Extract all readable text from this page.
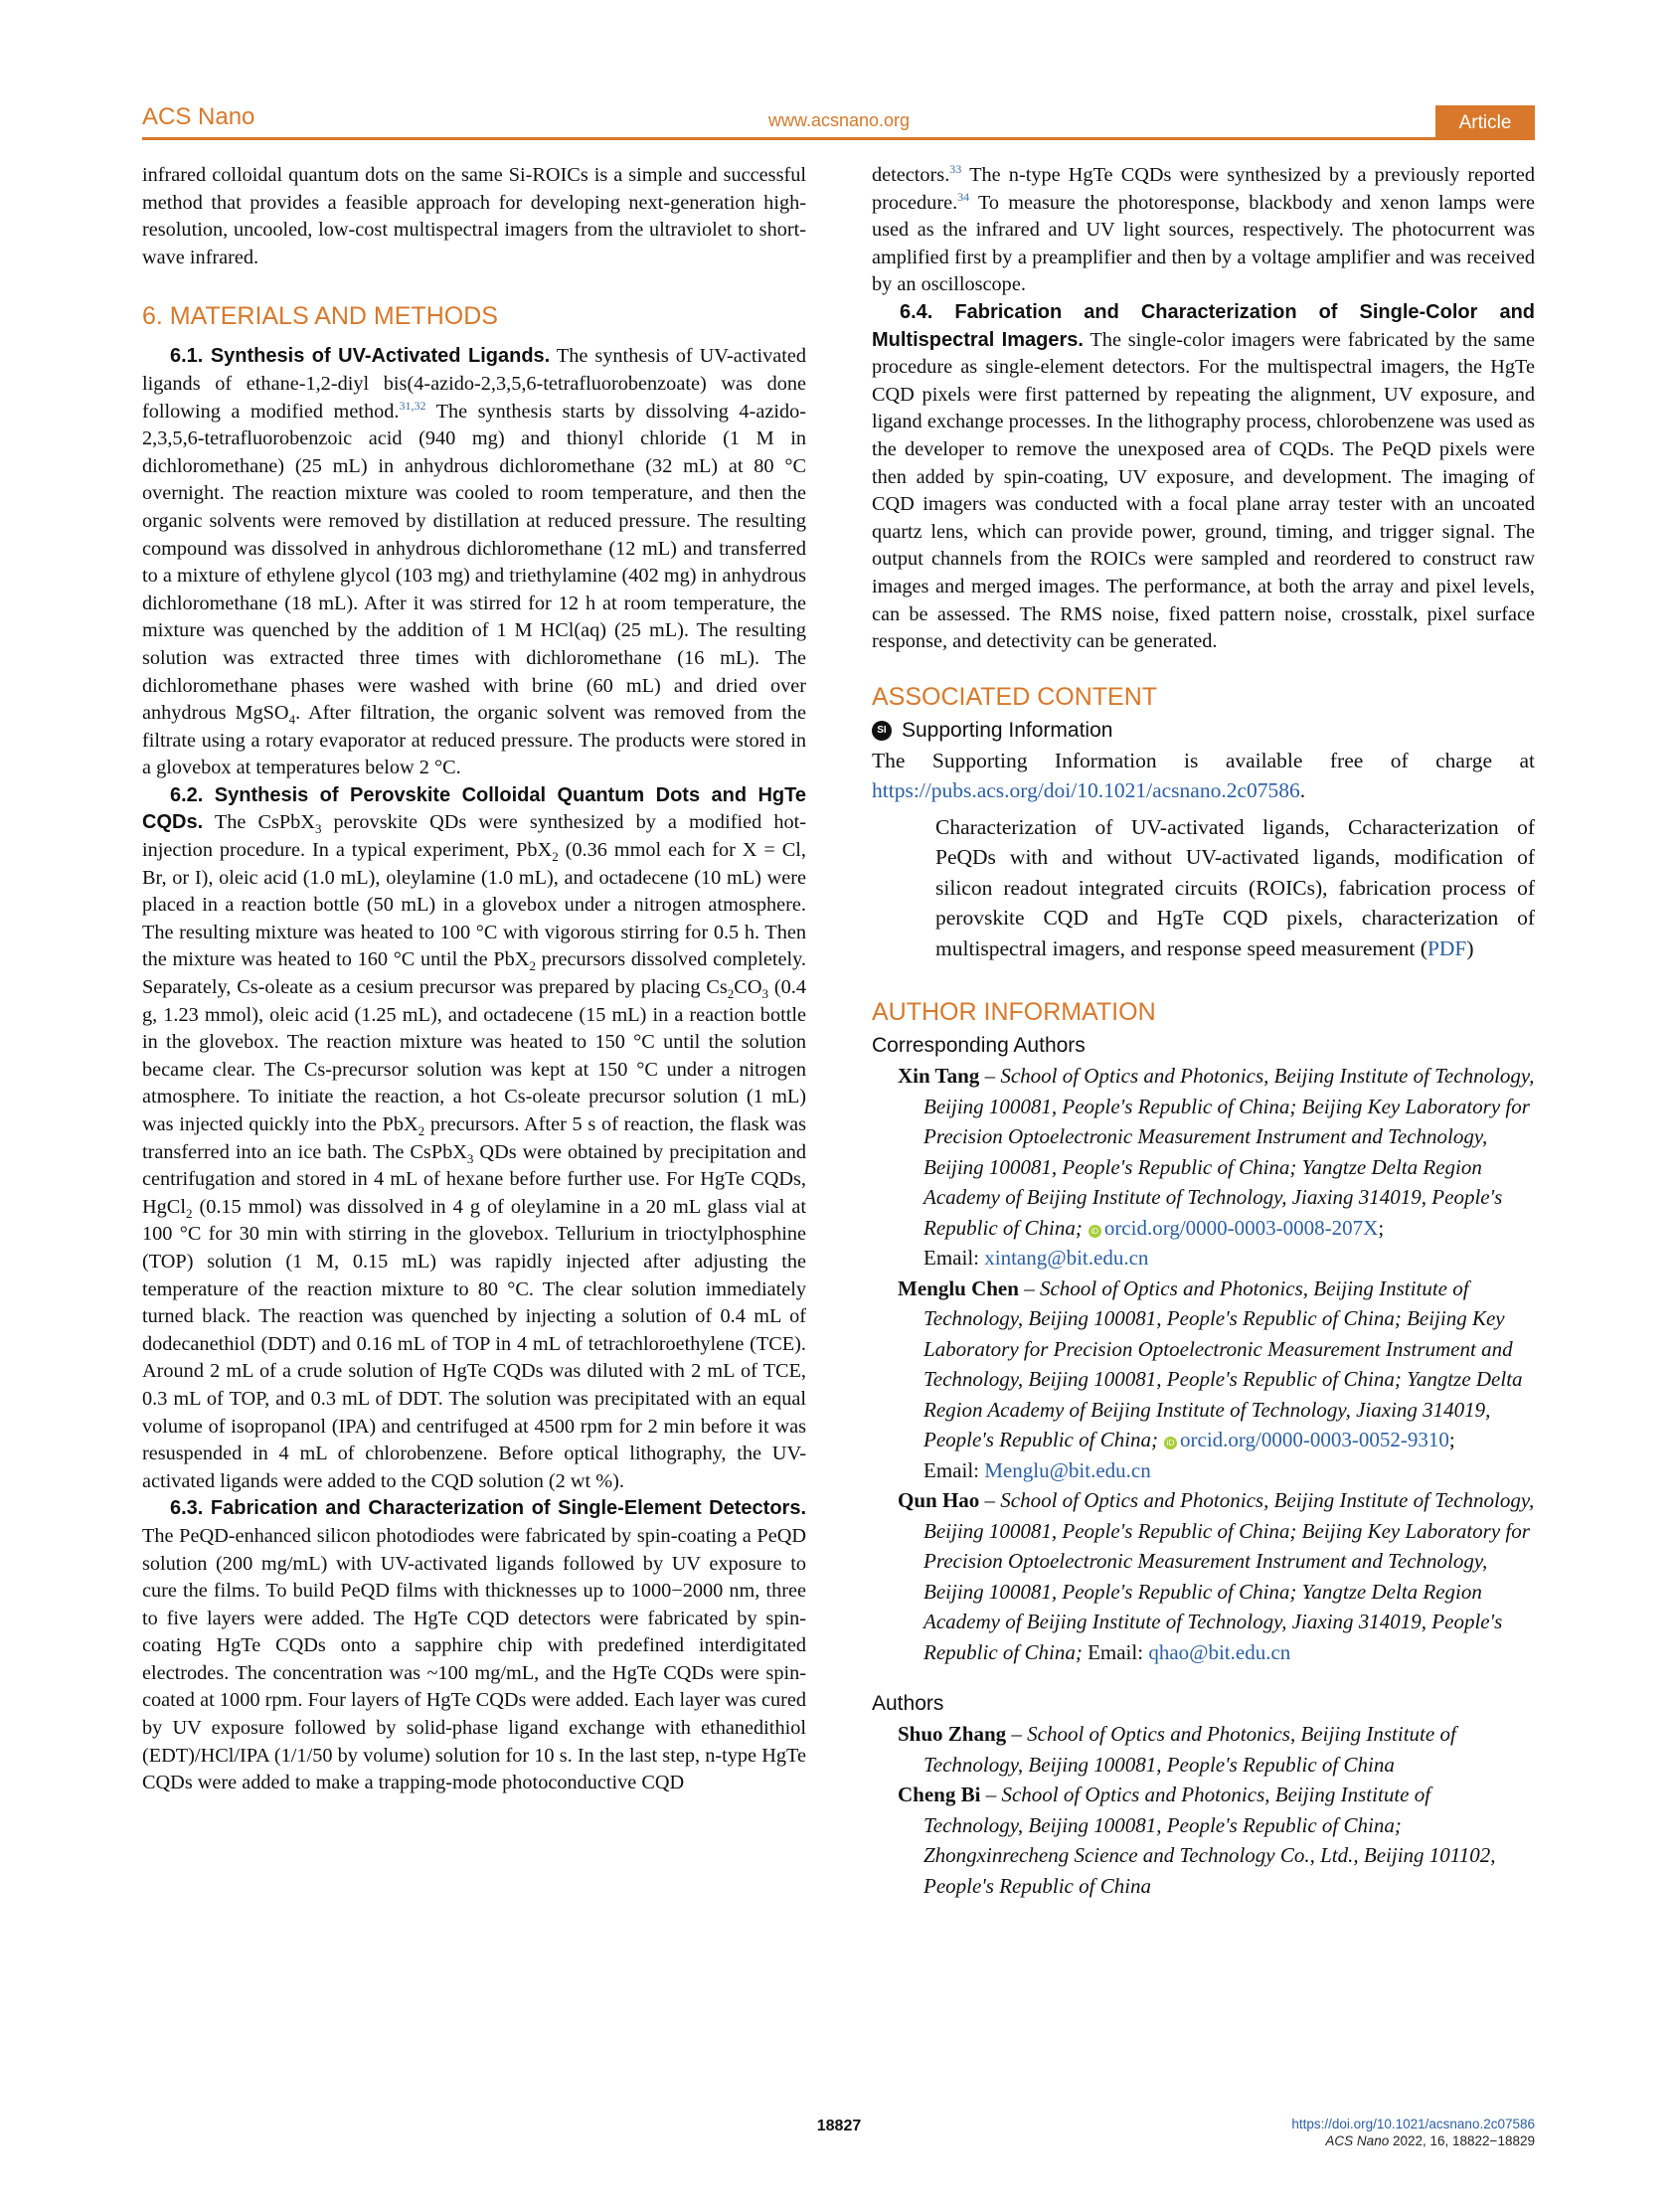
ACS Nano	www.acsnano.org	Article

infrared colloidal quantum dots on the same Si-ROICs is a simple and successful method that provides a feasible approach for developing next-generation high-resolution, uncooled, low-cost multispectral imagers from the ultraviolet to short-wave infrared.

6. MATERIALS AND METHODS

6.1. Synthesis of UV-Activated Ligands. The synthesis of UV-activated ligands of ethane-1,2-diyl bis(4-azido-2,3,5,6-tetrafluorobenzoate) was done following a modified method.$^{31,32}$ The synthesis starts by dissolving 4-azido-2,3,5,6-tetrafluorobenzoic acid (940 mg) and thionyl chloride (1 M in dichloromethane) (25 mL) in anhydrous dichloromethane (32 mL) at 80 °C overnight. The reaction mixture was cooled to room temperature, and then the organic solvents were removed by distillation at reduced pressure. The resulting compound was dissolved in anhydrous dichloromethane (12 mL) and transferred to a mixture of ethylene glycol (103 mg) and triethylamine (402 mg) in anhydrous dichloromethane (18 mL). After it was stirred for 12 h at room temperature, the mixture was quenched by the addition of 1 M HCl(aq) (25 mL). The resulting solution was extracted three times with dichloromethane (16 mL). The dichloromethane phases were washed with brine (60 mL) and dried over anhydrous MgSO$_4$. After filtration, the organic solvent was removed from the filtrate using a rotary evaporator at reduced pressure. The products were stored in a glovebox at temperatures below 2 °C.

6.2. Synthesis of Perovskite Colloidal Quantum Dots and HgTe CQDs. The CsPbX$_3$ perovskite QDs were synthesized by a modified hot-injection procedure. In a typical experiment, PbX$_2$ (0.36 mmol each for X = Cl, Br, or I), oleic acid (1.0 mL), oleylamine (1.0 mL), and octadecene (10 mL) were placed in a reaction bottle (50 mL) in a glovebox under a nitrogen atmosphere. The resulting mixture was heated to 100 °C with vigorous stirring for 0.5 h. Then the mixture was heated to 160 °C until the PbX$_2$ precursors dissolved completely. Separately, Cs-oleate as a cesium precursor was prepared by placing $Cs_2CO_3$ (0.4 g, 1.23 mmol), oleic acid (1.25 mL), and octadecene (15 mL) in a reaction bottle in the glovebox. The reaction mixture was heated to 150 °C until the solution became clear. The Cs-precursor solution was kept at 150 °C under a nitrogen atmosphere. To initiate the reaction, a hot Cs-oleate precursor solution (1 mL) was injected quickly into the PbX$_2$ precursors. After 5 s of reaction, the flask was transferred into an ice bath. The CsPbX$_3$ QDs were obtained by precipitation and centrifugation and stored in 4 mL of hexane before further use. For HgTe CQDs, HgCl$_2$ (0.15 mmol) was dissolved in 4 g of oleylamine in a 20 mL glass vial at 100 °C for 30 min with stirring in the glovebox. Tellurium in trioctylphosphine (TOP) solution (1 M, 0.15 mL) was rapidly injected after adjusting the temperature of the reaction mixture to 80 °C. The clear solution immediately turned black. The reaction was quenched by injecting a solution of 0.4 mL of dodecanethiol (DDT) and 0.16 mL of TOP in 4 mL of tetrachloroethylene (TCE). Around 2 mL of a crude solution of HgTe CQDs was diluted with 2 mL of TCE, 0.3 mL of TOP, and 0.3 mL of DDT. The solution was precipitated with an equal volume of isopropanol (IPA) and centrifuged at 4500 rpm for 2 min before it was resuspended in 4 mL of chlorobenzene. Before optical lithography, the UV-activated ligands were added to the CQD solution (2 wt %).

6.3. Fabrication and Characterization of Single-Element Detectors. The PeQD-enhanced silicon photodiodes were fabricated by spin-coating a PeQD solution (200 mg/mL) with UV-activated ligands followed by UV exposure to cure the films. To build PeQD films with thicknesses up to 1000−2000 nm, three to five layers were added. The HgTe CQD detectors were fabricated by spin-coating HgTe CQDs onto a sapphire chip with predefined interdigitated electrodes. The concentration was ~100 mg/mL, and the HgTe CQDs were spin-coated at 1000 rpm. Four layers of HgTe CQDs were added. Each layer was cured by UV exposure followed by solid-phase ligand exchange with ethanedithiol (EDT)/HCl/IPA (1/1/50 by volume) solution for 10 s. In the last step, n-type HgTe CQDs were added to make a trapping-mode photoconductive CQD

detectors.$^{33}$ The n-type HgTe CQDs were synthesized by a previously reported procedure.$^{34}$ To measure the photoresponse, blackbody and xenon lamps were used as the infrared and UV light sources, respectively. The photocurrent was amplified first by a preamplifier and then by a voltage amplifier and was received by an oscilloscope.

6.4. Fabrication and Characterization of Single-Color and Multispectral Imagers. The single-color imagers were fabricated by the same procedure as single-element detectors. For the multispectral imagers, the HgTe CQD pixels were first patterned by repeating the alignment, UV exposure, and ligand exchange processes. In the lithography process, chlorobenzene was used as the developer to remove the unexposed area of CQDs. The PeQD pixels were then added by spin-coating, UV exposure, and development. The imaging of CQD imagers was conducted with a focal plane array tester with an uncoated quartz lens, which can provide power, ground, timing, and trigger signal. The output channels from the ROICs were sampled and reordered to construct raw images and merged images. The performance, at both the array and pixel levels, can be assessed. The RMS noise, fixed pattern noise, crosstalk, pixel surface response, and detectivity can be generated.

ASSOCIATED CONTENT
SI Supporting Information

The Supporting Information is available free of charge at https://pubs.acs.org/doi/10.1021/acsnano.2c07586.

Characterization of UV-activated ligands, Ccharacterization of PeQDs with and without UV-activated ligands, modification of silicon readout integrated circuits (ROICs), fabrication process of perovskite CQD and HgTe CQD pixels, characterization of multispectral imagers, and response speed measurement (PDF)

AUTHOR INFORMATION
Corresponding Authors

Xin Tang – School of Optics and Photonics, Beijing Institute of Technology, Beijing 100081, People's Republic of China; Beijing Key Laboratory for Precision Optoelectronic Measurement Instrument and Technology, Beijing 100081, People's Republic of China; Yangtze Delta Region Academy of Beijing Institute of Technology, Jiaxing 314019, People's Republic of China; iD orcid.org/0000-0003-0008-207X;
Email: xintang@bit.edu.cn

Menglu Chen – School of Optics and Photonics, Beijing Institute of Technology, Beijing 100081, People's Republic of China; Beijing Key Laboratory for Precision Optoelectronic Measurement Instrument and Technology, Beijing 100081, People's Republic of China; Yangtze Delta Region Academy of Beijing Institute of Technology, Jiaxing 314019, People's Republic of China; iD orcid.org/0000-0003-0052-9310;
Email: Menglu@bit.edu.cn

Qun Hao – School of Optics and Photonics, Beijing Institute of Technology, Beijing 100081, People's Republic of China; Beijing Key Laboratory for Precision Optoelectronic Measurement Instrument and Technology, Beijing 100081, People's Republic of China; Yangtze Delta Region Academy of Beijing Institute of Technology, Jiaxing 314019, People's Republic of China; Email: qhao@bit.edu.cn

Authors

Shuo Zhang – School of Optics and Photonics, Beijing Institute of Technology, Beijing 100081, People's Republic of China

Cheng Bi – School of Optics and Photonics, Beijing Institute of Technology, Beijing 100081, People's Republic of China; Zhongxinrecheng Science and Technology Co., Ltd., Beijing 101102, People's Republic of China

18827	https://doi.org/10.1021/acsnano.2c07586
ACS Nano 2022, 16, 18822−18829
